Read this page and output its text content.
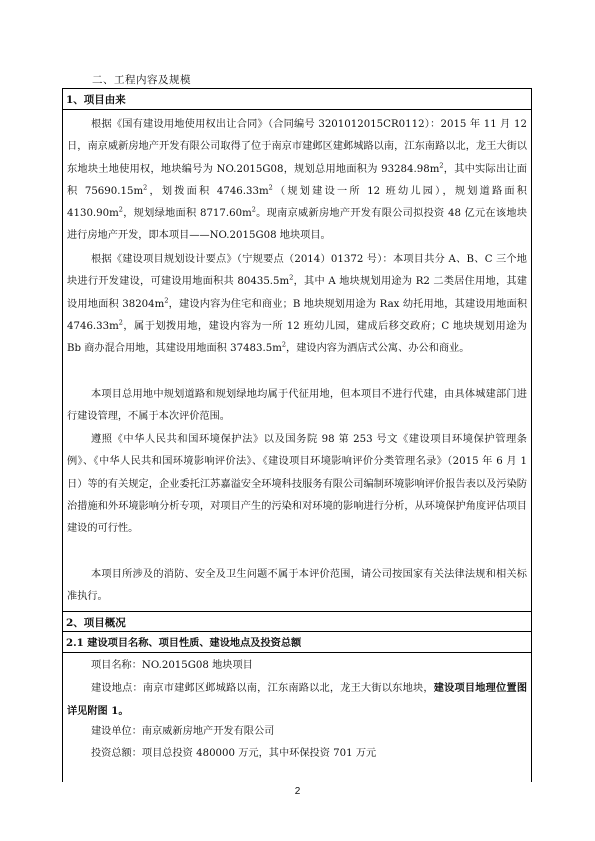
二、工程内容及规模
1、项目由来
根据《国有建设用地使用权出让合同》（合同编号 3201012015CR0112）：2015 年 11 月 12 日，南京威新房地产开发有限公司取得了位于南京市建邺区建邺城路以南，江东南路以北，龙王大街以东地块土地使用权，地块编号为 NO.2015G08，规划总用地面积为 $93284.98m^2$，其中实际出让面积 $75690.15m^2$，划拨面积 $4746.33m^2$（规划建设一所 12 班幼儿园），规划道路面积 $4130.90m^2$，规划绿地面积 $8717.60m^2$。现南京威新房地产开发有限公司拟投资 48 亿元在该地块进行房地产开发，即本项目——NO.2015G08 地块项目。
根据《建设项目规划设计要点》（宁规要点（2014）01372 号）：本项目共分 A、B、C 三个地块进行开发建设，可建设用地面积共 $80435.5m^2$，其中 A 地块规划用途为 R2 二类居住用地，其建设用地面积 $38204m^2$，建设内容为住宅和商业；B 地块规划用途为 Rax 幼托用地，其建设用地面积 $4746.33m^2$，属于划拨用地，建设内容为一所 12 班幼儿园，建成后移交政府；C 地块规划用途为 Bb 商办混合用地，其建设用地面积 $37483.5m^2$，建设内容为酒店式公寓、办公和商业。
本项目总用地中规划道路和规划绿地均属于代征用地，但本项目不进行代建，由具体城建部门进行建设管理，不属于本次评价范围。
遵照《中华人民共和国环境保护法》以及国务院 98 第 253 号文《建设项目环境保护管理条例》、《中华人民共和国环境影响评价法》、《建设项目环境影响评价分类管理名录》（2015 年 6 月 1 日）等的有关规定，企业委托江苏嘉溢安全环境科技服务有限公司编制环境影响评价报告表以及污染防治措施和外环境影响分析专项，对项目产生的污染和对环境的影响进行分析，从环境保护角度评估项目建设的可行性。
本项目所涉及的消防、安全及卫生问题不属于本评价范围，请公司按国家有关法律法规和相关标准执行。
2、项目概况
2.1 建设项目名称、项目性质、建设地点及投资总额
项目名称：NO.2015G08 地块项目
建设地点：南京市建邺区邺城路以南，江东南路以北，龙王大街以东地块，建设项目地理位置图详见附图 1。
建设单位：南京威新房地产开发有限公司
投资总额：项目总投资 480000 万元，其中环保投资 701 万元
2
